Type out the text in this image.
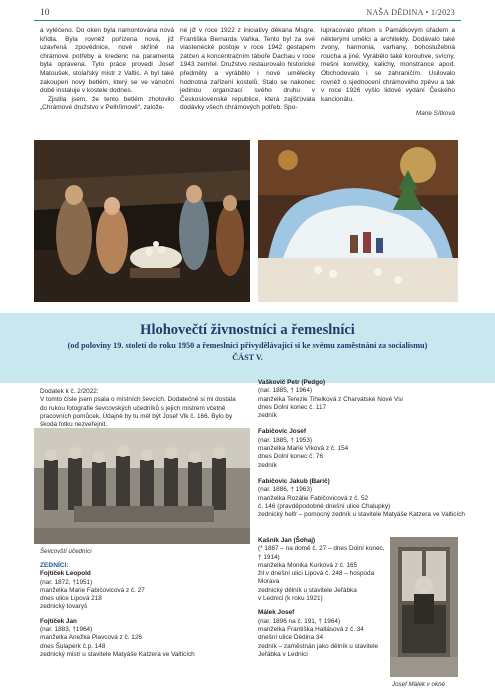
10	NAŠA DĚDINA • 1/2023

a vyléčeno. Do oken byla namontována nová křídla. Byla rovněž pořízena nová, již uzavřená zpovědnice, nové skříně na chrámové potřeby a kredenc na paramenta byla opravena. Tyto práce provedl Josef Matoušek, stolařský mistr z Valtic. A byl také zakoupen nový betlém, který se ve vánoční době instaluje v kostele dodnes.

Zjistila jsem, že tento betlém zhotovilo „Chrámové družstvo v Pelhřimově“, založe-

né již v roce 1922 z iniciativy děkana Msgre. Františka Bernarda Vaňka. Tento byl za své vlastenecké postoje v roce 1942 gestapem zatčen a koncentračním táboře Dachau v roce 1943 zemřel. Družstvo restaurovalo historické předměty a vyrábělo i nové umělecky hodnotná zařízení kostelů. Stalo se nakonec jedinou organizací svého druhu v Československé republice, která zajišťovala dodávky všech chrámových potřeb. Spo-

lupracovalo přitom s Památkovým úřadem a některými umělci a architekty. Dodávalo také zvony, harmonia, varhany, bohoslužebná roucha a jiné. Vyrábělo také korouhve, svícny, mešní konvičky, kalichy, monstrance apod. Obchodovalo i se zahraničím. Usilovalo rovněž o sjednocení chrámového zpěvu a tak v roce 1926 vyšlo lidové vydání Českého kancionálu.

Marie Sítková
Hlohovečtí živnostníci a řemeslníci
(od poloviny 19. století do roku 1950 a řemeslníci přivydělávající si ke svému zaměstnání za socialismu)
ČÁST V.
Dodatek k č. 2/2022:
V tomto čísle jsem psala o místních ševcích. Dodatečně si mi dostala
do rukou fotografie ševcovských učedníků s jejich mistrem včetně
pracovních pomůcek. Údajně by tu měl být Josef Vlk č. 166. Bylo by
škoda fotku nezveřejnit.
Ševcovští učedníci
ZEDNÍCI:
Fojtíček Leopold
(nar. 1872, †1951)
manželka Marie Fabičovicová z č. 27
dnes ulice Lipová 218
zednický tovaryš
Fojtíček Jan
(nar. 1883, †1964)
manželka Anežka Plavcová z č. 126
dnes Šulaperk č.p. 148
zednický mistr u stavitele Matyáše Katzera ve Valticích
Vaškovič Petr (Pedgo)
(nar. 1885, † 1964)
manželka Terezie Tihelková z Charvátské Nové Vsi
dnes Dolní konec č. 117
zedník
Fabičovic Josef
(nar. 1885, † 1953)
manželka Marie Vlková z č. 154
dnes Dolní konec č. 76
zedník
Fabičovic Jakub (Barič)
(nar. 1886, † 1963)
manželka Rozálie Fabičovicová z č. 52
č. 146 (pravděpodobně dnešní ulice Chalupky)
zednický helfr – pomocný zedník u stavitele Matyáše Katzera ve Valticích
Kašník Jan (Šohaj)
(* 1887 – na domě č. 27 – dnes Dolní konec, † 1914)
manželka Monika Kurková z č. 165
žil v dnešní ulici Lipová č. 248 – hospoda
Morava
zednický dělník u stavitele Jeřábka
v Lednici (k roku 1921)
Málek Josef
(nar. 1896 na č. 191, † 1964)
manželka Františka Hallásová z č. 34
dnešní ulice Dědina 34
zedník – zaměstnán jako dělník u stavitele Jeřábka v Lednici
Josef Málek v okně
